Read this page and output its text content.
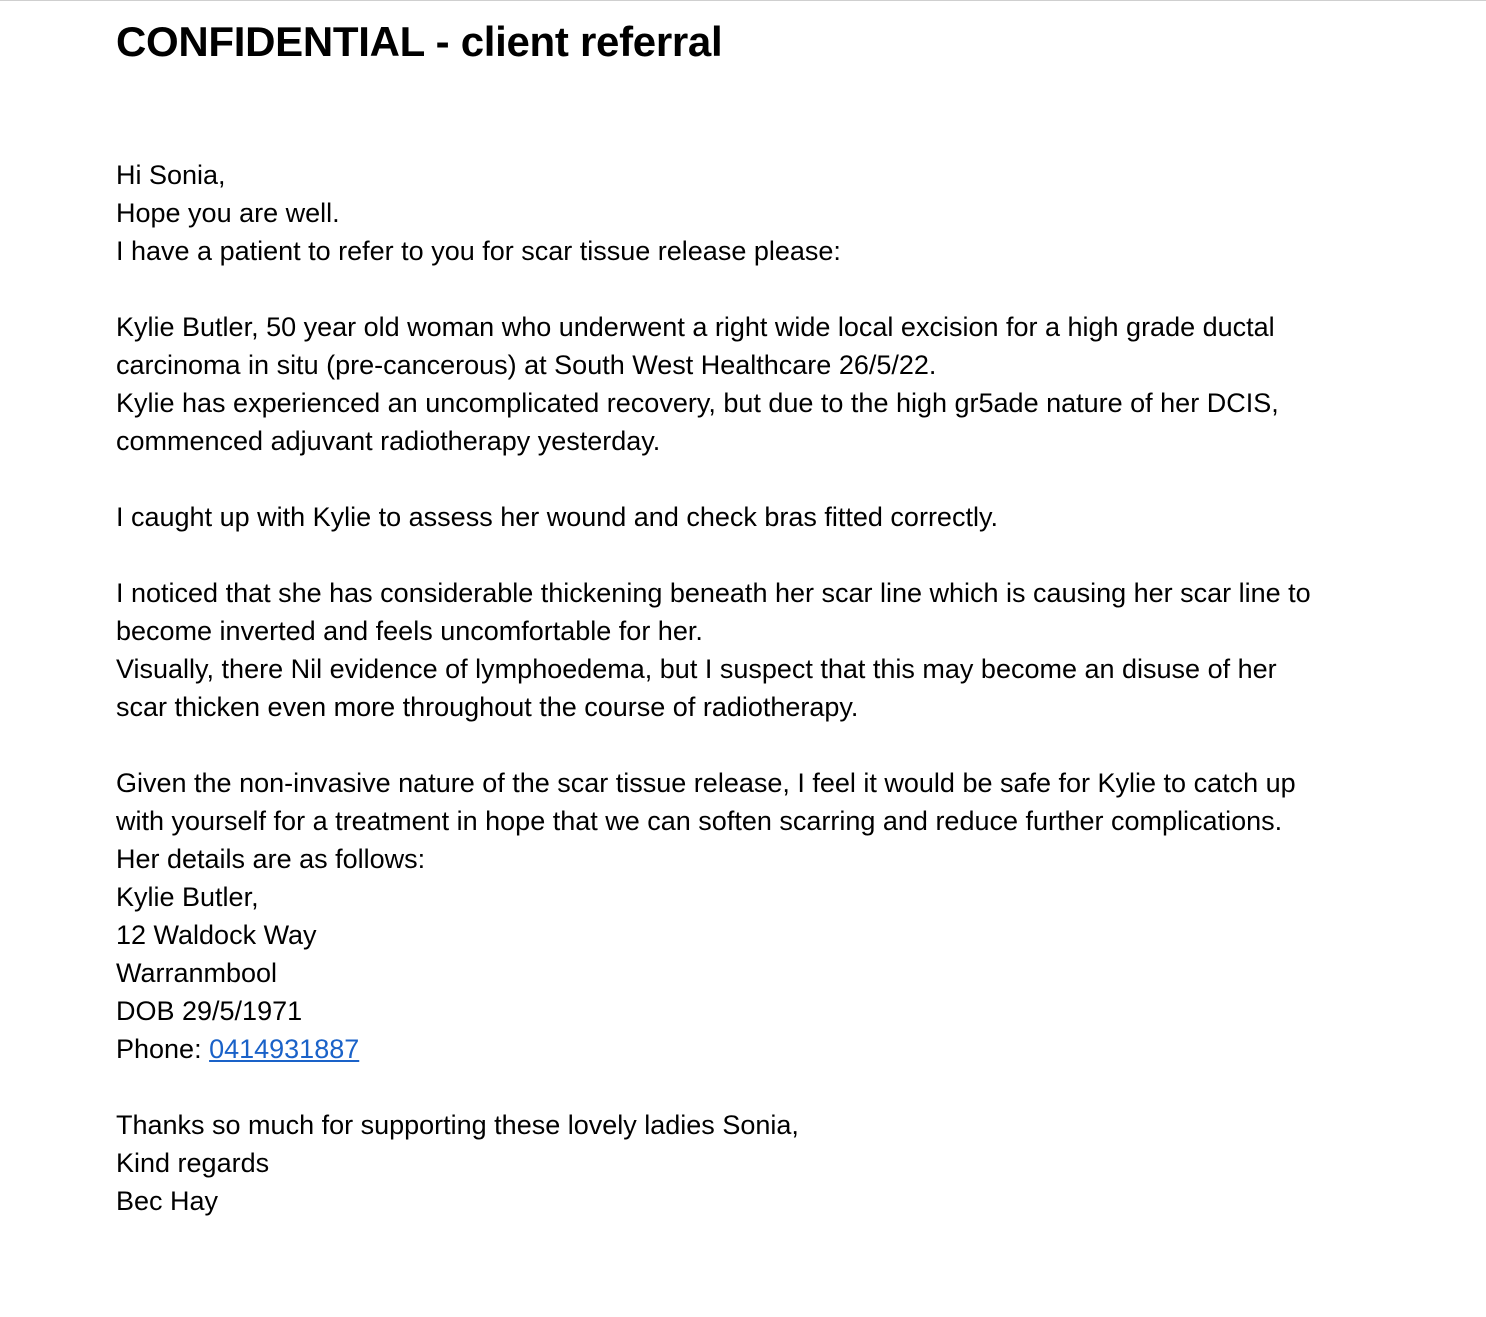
CONFIDENTIAL - client referral
Hi Sonia,
Hope you are well.
I have a patient to refer to you for scar tissue release please:
Kylie Butler, 50 year old woman who underwent a right wide local excision for a high grade ductal
carcinoma in situ (pre-cancerous) at South West Healthcare 26/5/22.
Kylie has experienced an uncomplicated recovery, but due to the high gr5ade nature of her DCIS,
commenced adjuvant radiotherapy yesterday.
I caught up with Kylie to assess her wound and check bras fitted correctly.
I noticed that she has considerable thickening beneath her scar line which is causing her scar line to
become inverted and feels uncomfortable for her.
Visually, there Nil evidence of lymphoedema, but I suspect that this may become an disuse of her
scar thicken even more throughout the course of radiotherapy.
Given the non-invasive nature of the scar tissue release, I feel it would be safe for Kylie to catch up
with yourself for a treatment in hope that we can soften scarring and reduce further complications.
Her details are as follows:
Kylie Butler,
12 Waldock Way
Warranmbool
DOB 29/5/1971
Phone: 0414931887
Thanks so much for supporting these lovely ladies Sonia,
Kind regards
Bec Hay
